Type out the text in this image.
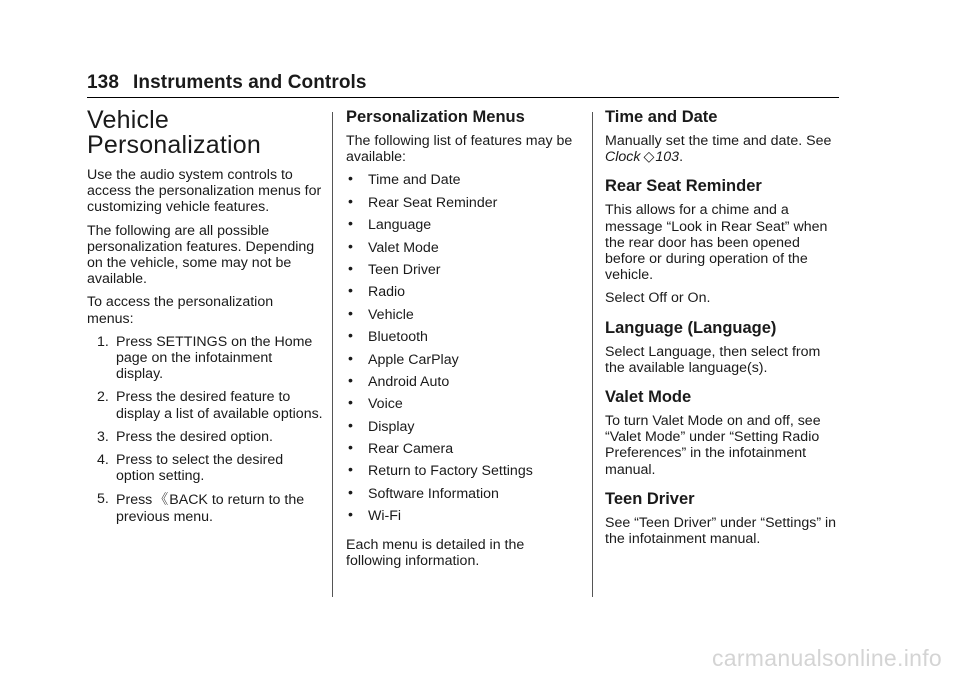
138 Instruments and Controls
Vehicle
Personalization

Use the audio system controls to access the personalization menus for customizing vehicle features.

The following are all possible personalization features. Depending on the vehicle, some may not be available.

To access the personalization menus:

1. Press SETTINGS on the Home page on the infotainment display.
2. Press the desired feature to display a list of available options.
3. Press the desired option.
4. Press to select the desired option setting.
5. Press 《BACK to return to the previous menu.
Personalization Menus

The following list of features may be available:

• Time and Date
• Rear Seat Reminder
• Language
• Valet Mode
• Teen Driver
• Radio
• Vehicle
• Bluetooth
• Apple CarPlay
• Android Auto
• Voice
• Display
• Rear Camera
• Return to Factory Settings
• Software Information
• Wi-Fi

Each menu is detailed in the following information.

Time and Date

Manually set the time and date. See
Clock ◇103.

Rear Seat Reminder

This allows for a chime and a message “Look in Rear Seat” when the rear door has been opened before or during operation of the vehicle.

Select Off or On.

Language (Language)

Select Language, then select from the available language(s).

Valet Mode

To turn Valet Mode on and off, see “Valet Mode” under “Setting Radio Preferences” in the infotainment manual.

Teen Driver

See “Teen Driver” under “Settings” in the infotainment manual.

carmanualsonline.info
